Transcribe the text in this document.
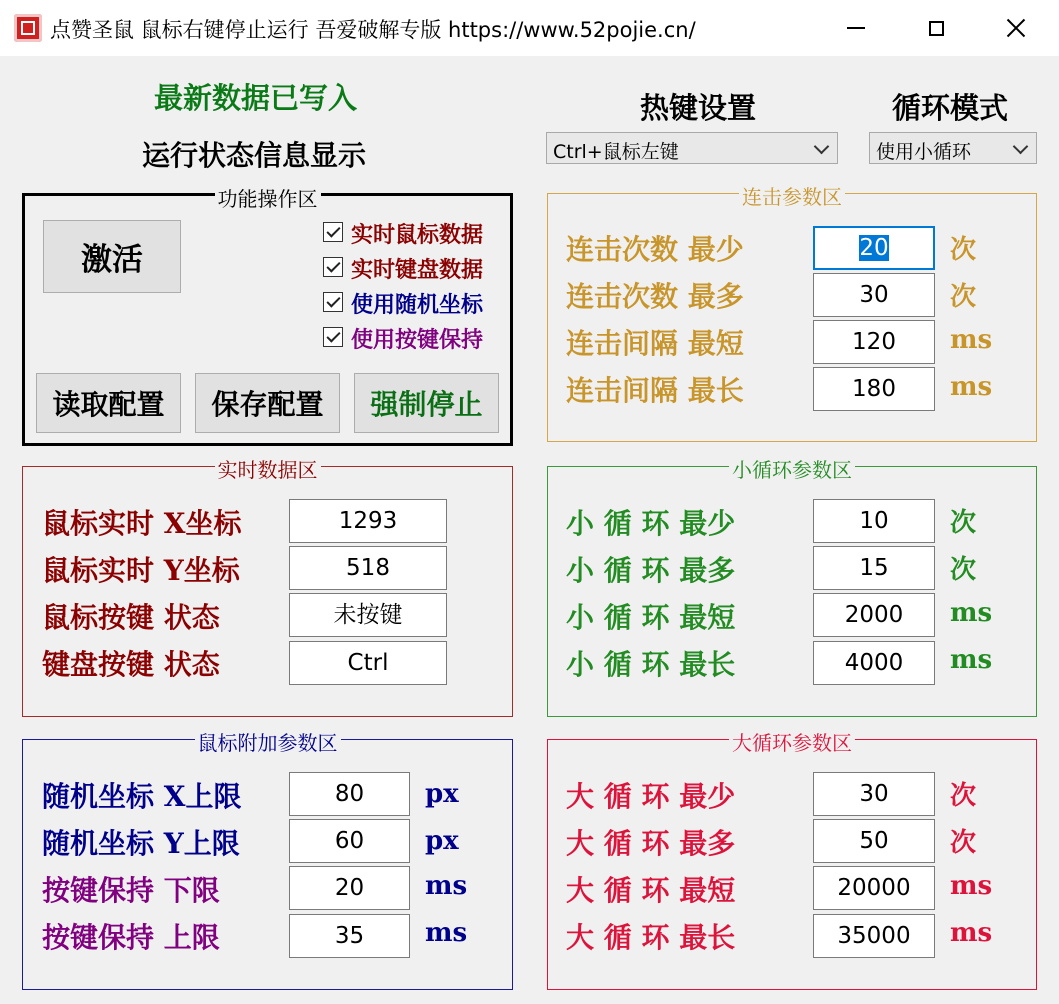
点赞圣鼠 鼠标右键停止运行 吾爱破解专版 https://www.52pojie.cn/
最新数据已写入
运行状态信息显示
热键设置	循环模式
Ctrl+鼠标左键	使用小循环
功能操作区
激活
实时鼠标数据
实时键盘数据
使用随机坐标
使用按键保持
读取配置	保存配置	强制停止
连击参数区
连击次数 最少	20	次
连击次数 最多	30	次
连击间隔 最短	120	ms
连击间隔 最长	180	ms
实时数据区
鼠标实时 X坐标	1293
鼠标实时 Y坐标	518
鼠标按键 状态	未按键
键盘按键 状态	Ctrl
小循环参数区
小 循 环 最少	10	次
小 循 环 最多	15	次
小 循 环 最短	2000	ms
小 循 环 最长	4000	ms
鼠标附加参数区
随机坐标 X上限	80	px
随机坐标 Y上限	60	px
按键保持 下限	20	ms
按键保持 上限	35	ms
大循环参数区
大 循 环 最少	30	次
大 循 环 最多	50	次
大 循 环 最短	20000	ms
大 循 环 最长	35000	ms
